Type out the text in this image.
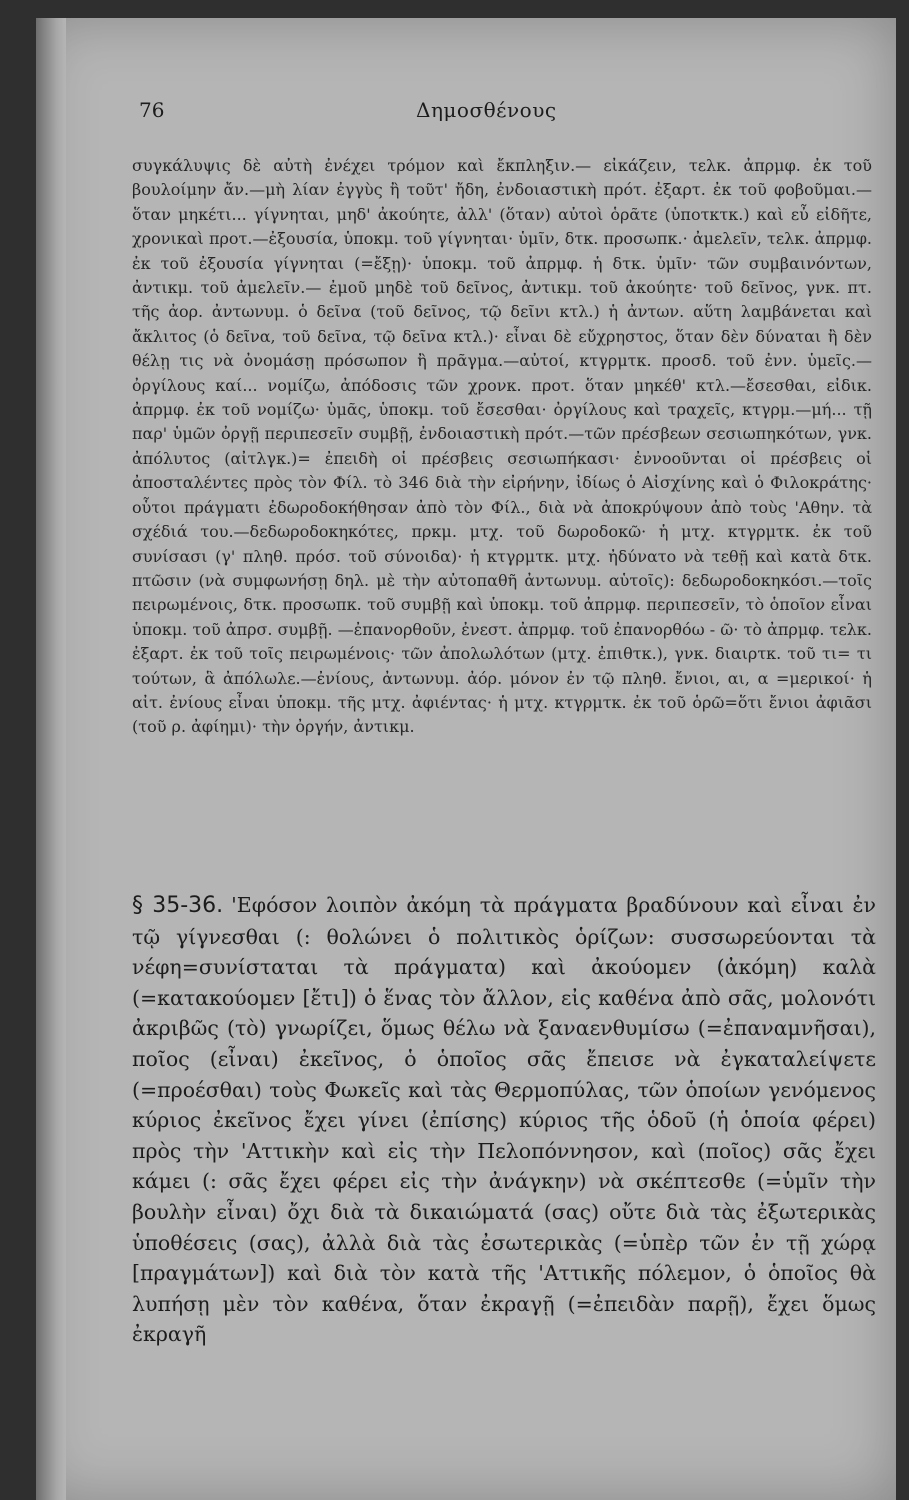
76	Δημοσθένους

συγκάλυψις δὲ αὐτὴ ἐνέχει τρόμον καὶ ἔκπληξιν.— εἰκάζειν, τελκ. ἀπρμφ. ἐκ τοῦ βουλοίμην ἄν.—μὴ λίαν ἐγγὺς ἢ τοῦτ' ἤδη, ἐνδοιαστικὴ πρότ. ἐξαρτ. ἐκ τοῦ φοβοῦμαι.—ὅταν μηκέτι... γίγνηται, μηδ' ἀκούητε, ἀλλ' (ὅταν) αὐτοὶ ὁρᾶτε (ὑποτκτκ.) καὶ εὖ εἰδῆτε, χρονικαὶ προτ.—ἐξουσία, ὑποκμ. τοῦ γίγνηται· ὑμῖν, δτκ. προσωπκ.· ἀμελεῖν, τελκ. ἀπρμφ. ἐκ τοῦ ἐξουσία γίγνηται (=ἔξῃ)· ὑποκμ. τοῦ ἀπρμφ. ἡ δτκ. ὑμῖν· τῶν συμβαινόντων, ἀντικμ. τοῦ ἀμελεῖν.— ἐμοῦ μηδὲ τοῦ δεῖνος, ἀντικμ. τοῦ ἀκούητε· τοῦ δεῖνος, γνκ. πτ. τῆς ἀορ. ἀντωνυμ. ὁ δεῖνα (τοῦ δεῖνος, τῷ δεῖνι κτλ.) ἡ ἀντων. αὕτη λαμβάνεται καὶ ἄκλιτος (ὁ δεῖνα, τοῦ δεῖνα, τῷ δεῖνα κτλ.)· εἶναι δὲ εὔχρηστος, ὅταν δὲν δύναται ἢ δὲν θέλῃ τις νὰ ὀνομάσῃ πρόσωπον ἢ πρᾶγμα.—αὐτοί, κτγρμτκ. προσδ. τοῦ ἐνν. ὑμεῖς.—ὀργίλους καί... νομίζω, ἀπόδοσις τῶν χρονκ. προτ. ὅταν μηκέθ' κτλ.—ἔσεσθαι, εἰδικ. ἀπρμφ. ἐκ τοῦ νομίζω· ὑμᾶς, ὑποκμ. τοῦ ἔσεσθαι· ὀργίλους καὶ τραχεῖς, κτγρμ.—μή... τῇ παρ' ὑμῶν ὀργῇ περιπεσεῖν συμβῇ, ἐνδοιαστικὴ πρότ.—τῶν πρέσβεων σεσιωπηκότων, γνκ. ἀπόλυτος (αἰτλγκ.)= ἐπειδὴ οἱ πρέσβεις σεσιωπήκασι· ἐννοοῦνται οἱ πρέσβεις οἱ ἀποσταλέντες πρὸς τὸν Φίλ. τὸ 346 διὰ τὴν εἰρήνην, ἰδίως ὁ Αἰσχίνης καὶ ὁ Φιλοκράτης· οὗτοι πράγματι ἐδωροδοκήθησαν ἀπὸ τὸν Φίλ., διὰ νὰ ἀποκρύψουν ἀπὸ τοὺς 'Αθην. τὰ σχέδιά του.—δεδωροδοκηκότες, πρκμ. μτχ. τοῦ δωροδοκῶ· ἡ μτχ. κτγρμτκ. ἐκ τοῦ συνίσασι (γ' πληθ. πρόσ. τοῦ σύνοιδα)· ἡ κτγρμτκ. μτχ. ἠδύνατο νὰ τεθῇ καὶ κατὰ δτκ. πτῶσιν (νὰ συμφωνήσῃ δηλ. μὲ τὴν αὐτοπαθῆ ἀντωνυμ. αὑτοῖς): δεδωροδοκηκόσι.—τοῖς πειρωμένοις, δτκ. προσωπκ. τοῦ συμβῇ καὶ ὑποκμ. τοῦ ἀπρμφ. περιπεσεῖν, τὸ ὁποῖον εἶναι ὑποκμ. τοῦ ἀπρσ. συμβῇ. —ἐπανορθοῦν, ἐνεστ. ἀπρμφ. τοῦ ἐπανορθόω - ῶ· τὸ ἀπρμφ. τελκ. ἐξαρτ. ἐκ τοῦ τοῖς πειρωμένοις· τῶν ἀπολωλότων (μτχ. ἐπιθτκ.), γνκ. διαιρτκ. τοῦ τι= τι τούτων, ἃ ἀπόλωλε.—ἐνίους, ἀντωνυμ. ἀόρ. μόνον ἐν τῷ πληθ. ἔνιοι, αι, α =μερικοί· ἡ αἰτ. ἐνίους εἶναι ὑποκμ. τῆς μτχ. ἀφιέντας· ἡ μτχ. κτγρμτκ. ἐκ τοῦ ὁρῶ=ὅτι ἔνιοι ἀφιᾶσι (τοῦ ρ. ἀφίημι)· τὴν ὀργήν, ἀντικμ.

§ 35-36. 'Εφόσον λοιπὸν ἀκόμη τὰ πράγματα βραδύνουν καὶ εἶναι ἐν τῷ γίγνεσθαι (: θολώνει ὁ πολιτικὸς ὁρίζων: συσσωρεύονται τὰ νέφη=συνίσταται τὰ πράγματα) καὶ ἀκούομεν (ἀκόμη) καλὰ (=κατακούομεν [ἔτι]) ὁ ἕνας τὸν ἄλλον, εἰς καθένα ἀπὸ σᾶς, μολονότι ἀκριβῶς (τὸ) γνωρίζει, ὅμως θέλω νὰ ξαναενθυμίσω (=ἐπαναμνῆσαι), ποῖος (εἶναι) ἐκεῖνος, ὁ ὁποῖος σᾶς ἔπεισε νὰ ἐγκαταλείψετε (=προέσθαι) τοὺς Φωκεῖς καὶ τὰς Θερμοπύλας, τῶν ὁποίων γενόμενος κύριος ἐκεῖνος ἔχει γίνει (ἐπίσης) κύριος τῆς ὁδοῦ (ἡ ὁποία φέρει) πρὸς τὴν 'Αττικὴν καὶ εἰς τὴν Πελοπόννησον, καὶ (ποῖος) σᾶς ἔχει κάμει (: σᾶς ἔχει φέρει εἰς τὴν ἀνάγκην) νὰ σκέπτεσθε (=ὑμῖν τὴν βουλὴν εἶναι) ὄχι διὰ τὰ δικαιώματά (σας) οὔτε διὰ τὰς ἐξωτερικὰς ὑποθέσεις (σας), ἀλλὰ διὰ τὰς ἐσωτερικὰς (=ὑπὲρ τῶν ἐν τῇ χώρᾳ [πραγμάτων]) καὶ διὰ τὸν κατὰ τῆς 'Αττικῆς πόλεμον, ὁ ὁποῖος θὰ λυπήσῃ μὲν τὸν καθένα, ὅταν ἐκραγῇ (=ἐπειδὰν παρῇ), ἔχει ὅμως ἐκραγῆ
